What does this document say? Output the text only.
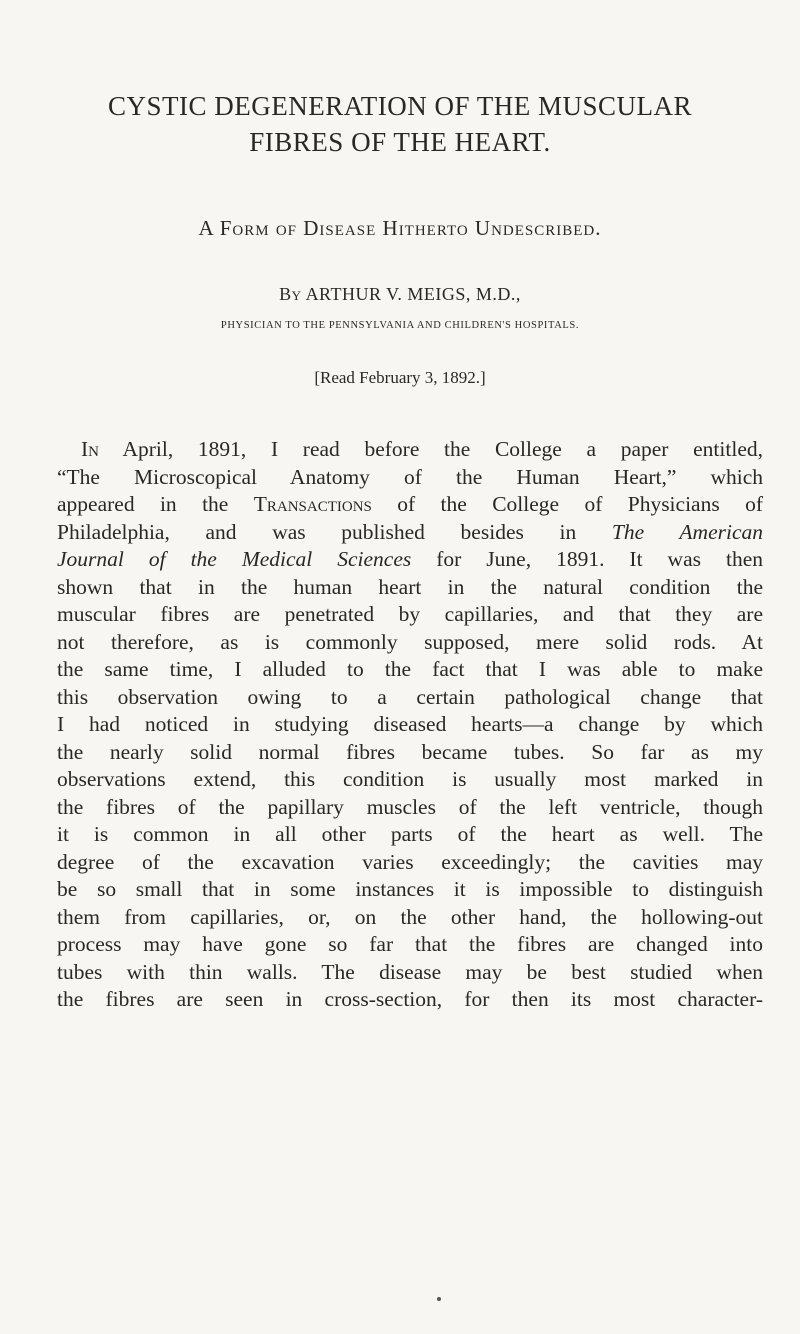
CYSTIC DEGENERATION OF THE MUSCULAR
FIBRES OF THE HEART.
A Form of Disease Hitherto Undescribed.
By ARTHUR V. MEIGS, M.D.,
PHYSICIAN TO THE PENNSYLVANIA AND CHILDREN'S HOSPITALS.
[Read February 3, 1892.]
In April, 1891, I read before the College a paper entitled,
“The Microscopical Anatomy of the Human Heart,” which
appeared in the Transactions of the College of Physicians of
Philadelphia, and was published besides in The American
Journal of the Medical Sciences for June, 1891. It was then
shown that in the human heart in the natural condition the
muscular fibres are penetrated by capillaries, and that they are
not therefore, as is commonly supposed, mere solid rods. At
the same time, I alluded to the fact that I was able to make
this observation owing to a certain pathological change that
I had noticed in studying diseased hearts—a change by which
the nearly solid normal fibres became tubes. So far as my
observations extend, this condition is usually most marked in
the fibres of the papillary muscles of the left ventricle, though
it is common in all other parts of the heart as well. The
degree of the excavation varies exceedingly; the cavities may
be so small that in some instances it is impossible to distinguish
them from capillaries, or, on the other hand, the hollowing-out
process may have gone so far that the fibres are changed into
tubes with thin walls. The disease may be best studied when
the fibres are seen in cross-section, for then its most character-
